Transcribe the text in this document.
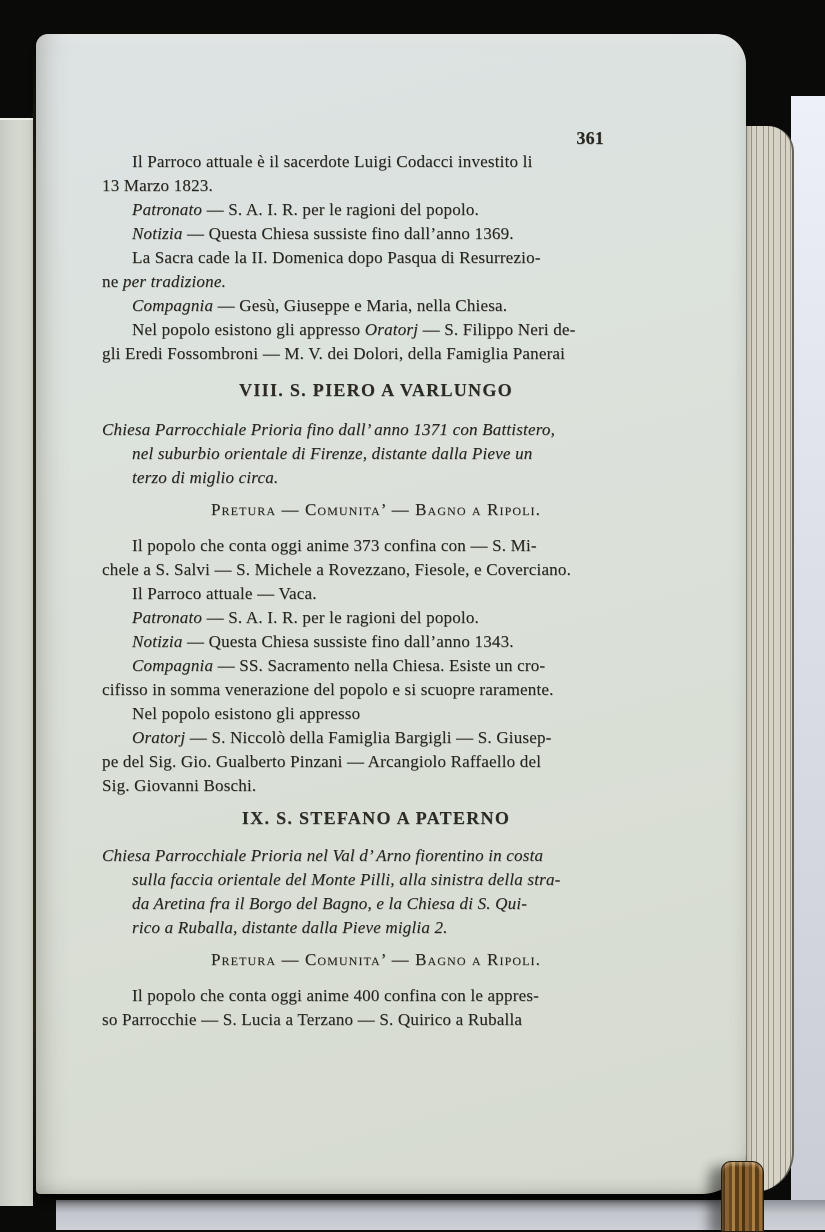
361
Il Parroco attuale è il sacerdote Luigi Codacci investito li
13 Marzo 1823.
Patronato — S. A. I. R. per le ragioni del popolo.
Notizia — Questa Chiesa sussiste fino dall’anno 1369.
La Sacra cade la II. Domenica dopo Pasqua di Resurrezio-
ne per tradizione.
Compagnia — Gesù, Giuseppe e Maria, nella Chiesa.
Nel popolo esistono gli appresso Oratorj — S. Filippo Neri de-
gli Eredi Fossombroni — M. V. dei Dolori, della Famiglia Panerai
VIII. S. PIERO A VARLUNGO
Chiesa Parrocchiale Prioria fino dall’ anno 1371 con Battistero,
nel suburbio orientale di Firenze, distante dalla Pieve un
terzo di miglio circa.
Pretura — Comunita’ — Bagno a Ripoli.
Il popolo che conta oggi anime 373 confina con — S. Mi-
chele a S. Salvi — S. Michele a Rovezzano, Fiesole, e Coverciano.
Il Parroco attuale — Vaca.
Patronato — S. A. I. R. per le ragioni del popolo.
Notizia — Questa Chiesa sussiste fino dall’anno 1343.
Compagnia — SS. Sacramento nella Chiesa. Esiste un cro-
cifisso in somma venerazione del popolo e si scuopre raramente.
Nel popolo esistono gli appresso
Oratorj — S. Niccolò della Famiglia Bargigli — S. Giusep-
pe del Sig. Gio. Gualberto Pinzani — Arcangiolo Raffaello del
Sig. Giovanni Boschi.
IX. S. STEFANO A PATERNO
Chiesa Parrocchiale Prioria nel Val d’ Arno fiorentino in costa
sulla faccia orientale del Monte Pilli, alla sinistra della stra-
da Aretina fra il Borgo del Bagno, e la Chiesa di S. Qui-
rico a Ruballa, distante dalla Pieve miglia 2.
Pretura — Comunita’ — Bagno a Ripoli.
Il popolo che conta oggi anime 400 confina con le appres-
so Parrocchie — S. Lucia a Terzano — S. Quirico a Ruballa
